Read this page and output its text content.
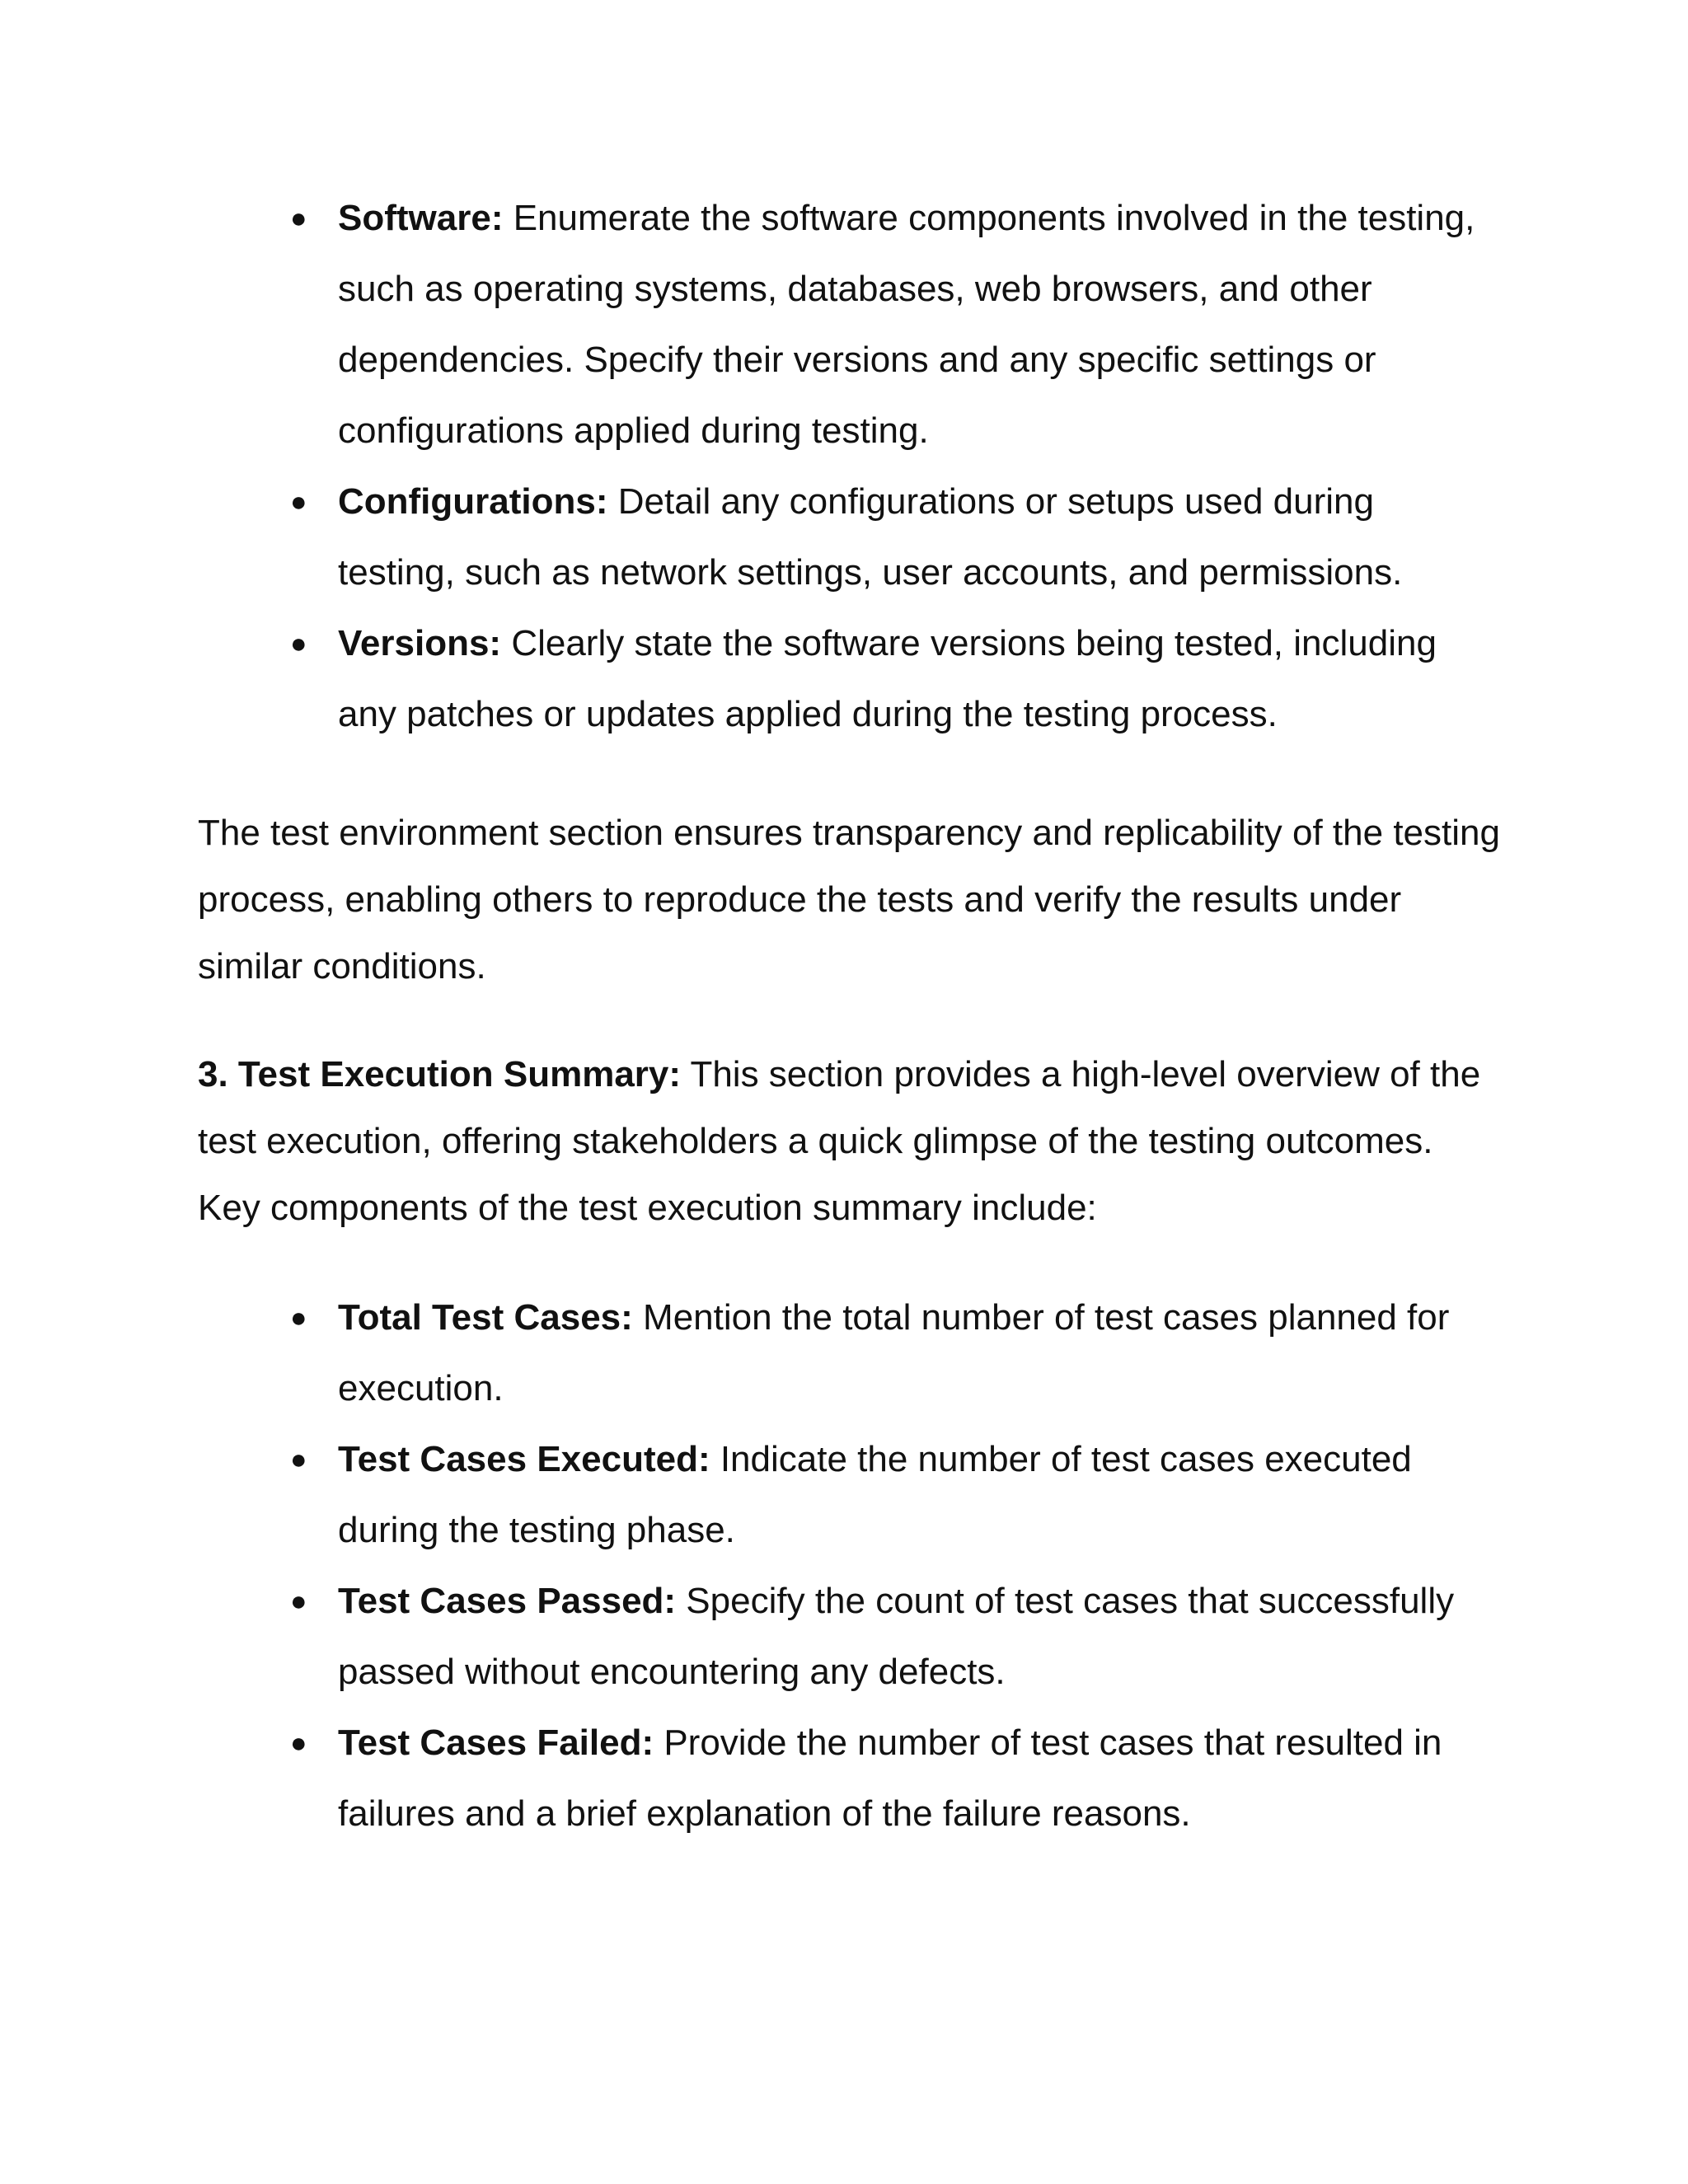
● Software: Enumerate the software components involved in the testing, such as operating systems, databases, web browsers, and other dependencies. Specify their versions and any specific settings or configurations applied during testing.
● Configurations: Detail any configurations or setups used during testing, such as network settings, user accounts, and permissions.
● Versions: Clearly state the software versions being tested, including any patches or updates applied during the testing process.

The test environment section ensures transparency and replicability of the testing process, enabling others to reproduce the tests and verify the results under similar conditions.

3. Test Execution Summary: This section provides a high-level overview of the test execution, offering stakeholders a quick glimpse of the testing outcomes. Key components of the test execution summary include:

● Total Test Cases: Mention the total number of test cases planned for execution.
● Test Cases Executed: Indicate the number of test cases executed during the testing phase.
● Test Cases Passed: Specify the count of test cases that successfully passed without encountering any defects.
● Test Cases Failed: Provide the number of test cases that resulted in failures and a brief explanation of the failure reasons.
